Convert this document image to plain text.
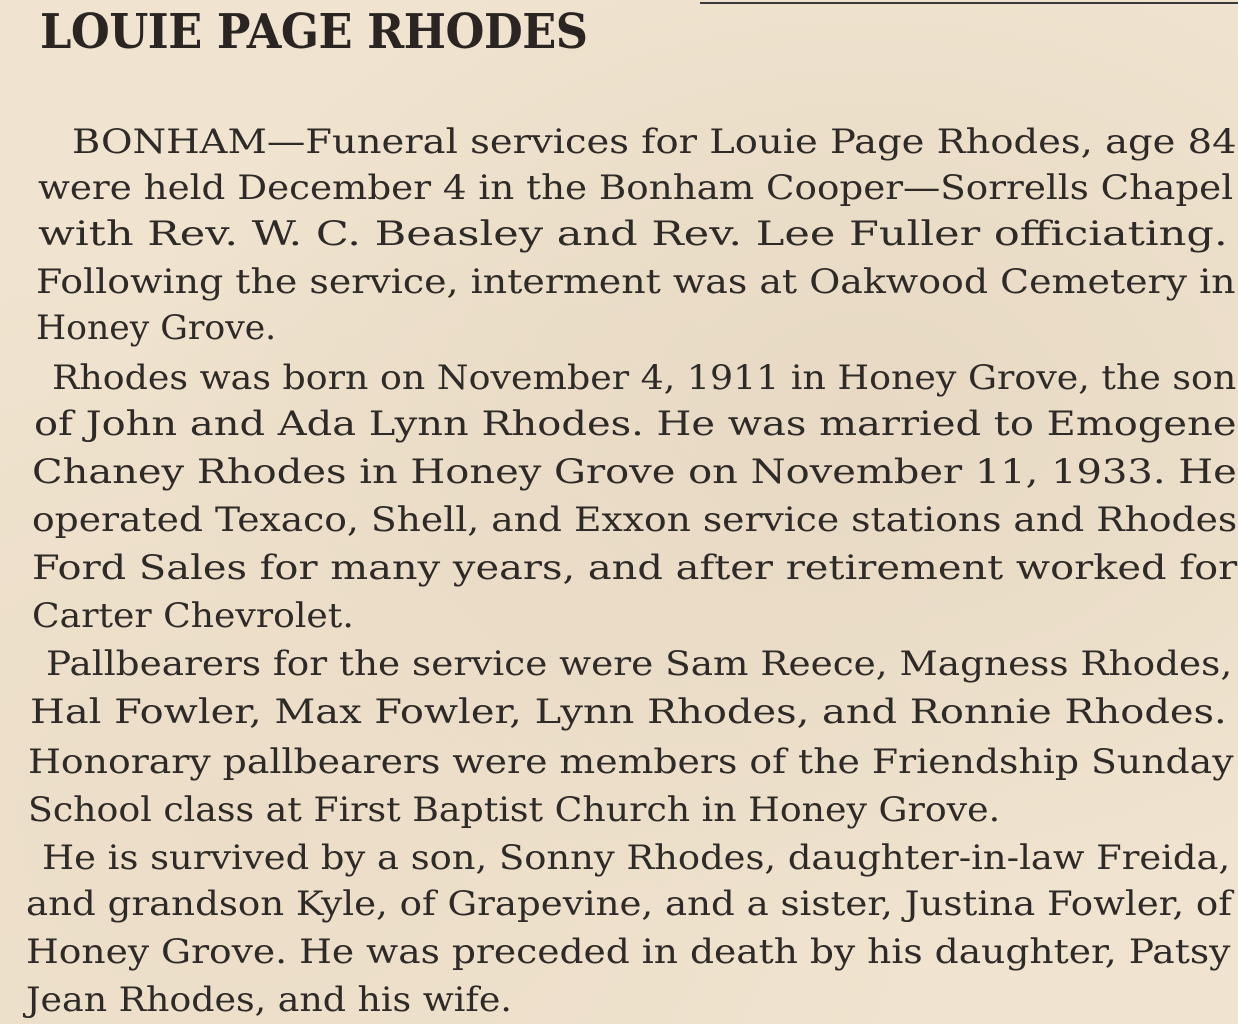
LOUIE PAGE RHODES

BONHAM—Funeral services for Louie Page Rhodes, age 84

were held December 4 in the Bonham Cooper—Sorrells Chapel

with Rev. W. C. Beasley and Rev. Lee Fuller officiating.

Following the service, interment was at Oakwood Cemetery in

Honey Grove.

Rhodes was born on November 4, 1911 in Honey Grove, the son

of John and Ada Lynn Rhodes. He was married to Emogene

Chaney Rhodes in Honey Grove on November 11, 1933. He

operated Texaco, Shell, and Exxon service stations and Rhodes

Ford Sales for many years, and after retirement worked for

Carter Chevrolet.

Pallbearers for the service were Sam Reece, Magness Rhodes,

Hal Fowler, Max Fowler, Lynn Rhodes, and Ronnie Rhodes.

Honorary pallbearers were members of the Friendship Sunday

School class at First Baptist Church in Honey Grove.

He is survived by a son, Sonny Rhodes, daughter-in-law Freida,

and grandson Kyle, of Grapevine, and a sister, Justina Fowler, of

Honey Grove. He was preceded in death by his daughter, Patsy

Jean Rhodes, and his wife.
